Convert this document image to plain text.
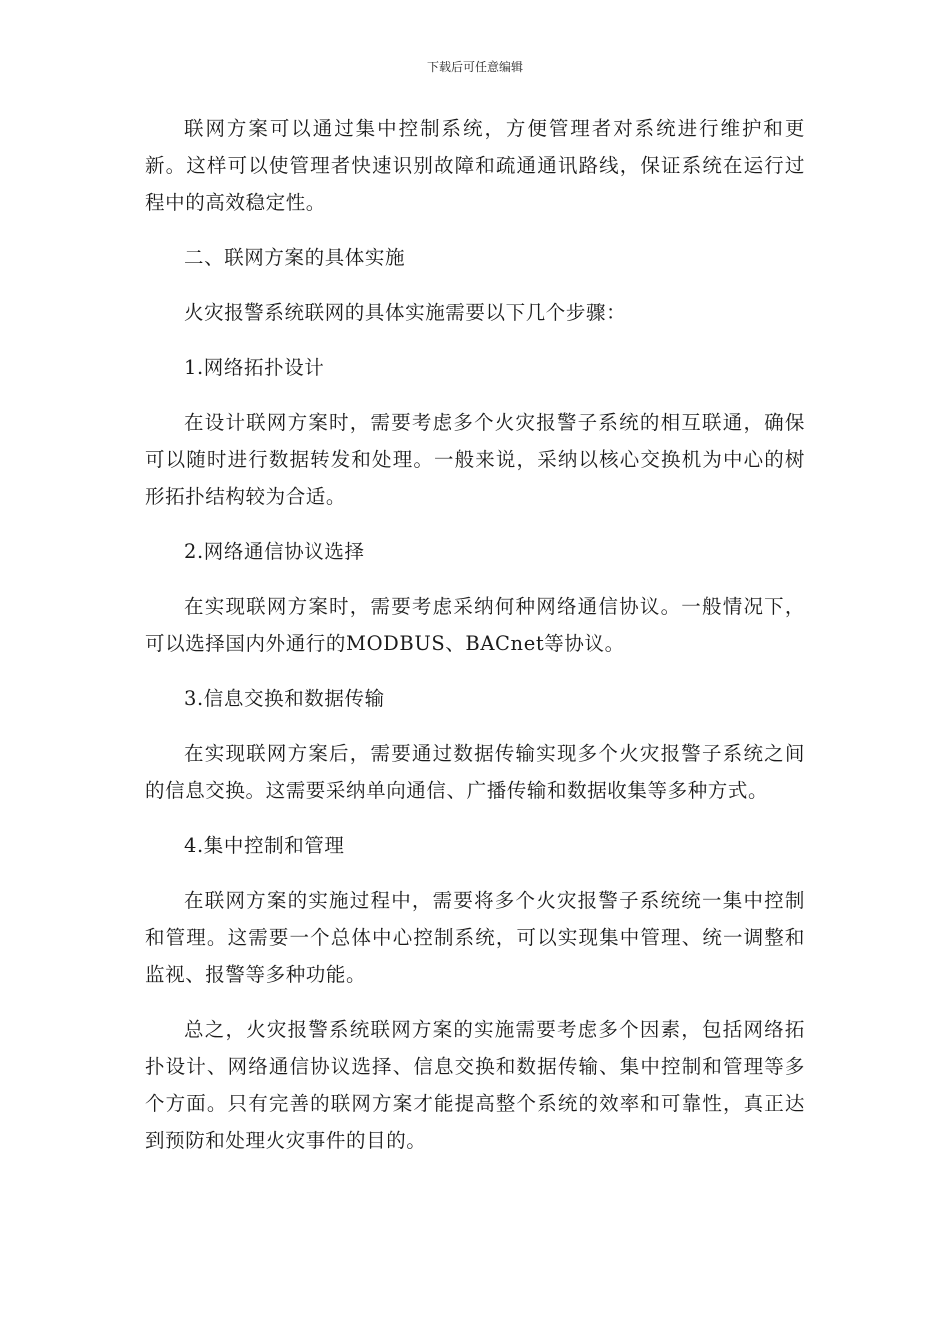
下载后可任意编辑

联网方案可以通过集中控制系统，方便管理者对系统进行维护和更新。这样可以使管理者快速识别故障和疏通通讯路线，保证系统在运行过程中的高效稳定性。

二、联网方案的具体实施

火灾报警系统联网的具体实施需要以下几个步骤：

1.网络拓扑设计

在设计联网方案时，需要考虑多个火灾报警子系统的相互联通，确保可以随时进行数据转发和处理。一般来说，采纳以核心交换机为中心的树形拓扑结构较为合适。

2.网络通信协议选择

在实现联网方案时，需要考虑采纳何种网络通信协议。一般情况下，可以选择国内外通行的MODBUS、BACnet等协议。

3.信息交换和数据传输

在实现联网方案后，需要通过数据传输实现多个火灾报警子系统之间的信息交换。这需要采纳单向通信、广播传输和数据收集等多种方式。

4.集中控制和管理

在联网方案的实施过程中，需要将多个火灾报警子系统统一集中控制和管理。这需要一个总体中心控制系统，可以实现集中管理、统一调整和监视、报警等多种功能。

总之，火灾报警系统联网方案的实施需要考虑多个因素，包括网络拓扑设计、网络通信协议选择、信息交换和数据传输、集中控制和管理等多个方面。只有完善的联网方案才能提高整个系统的效率和可靠性，真正达到预防和处理火灾事件的目的。
